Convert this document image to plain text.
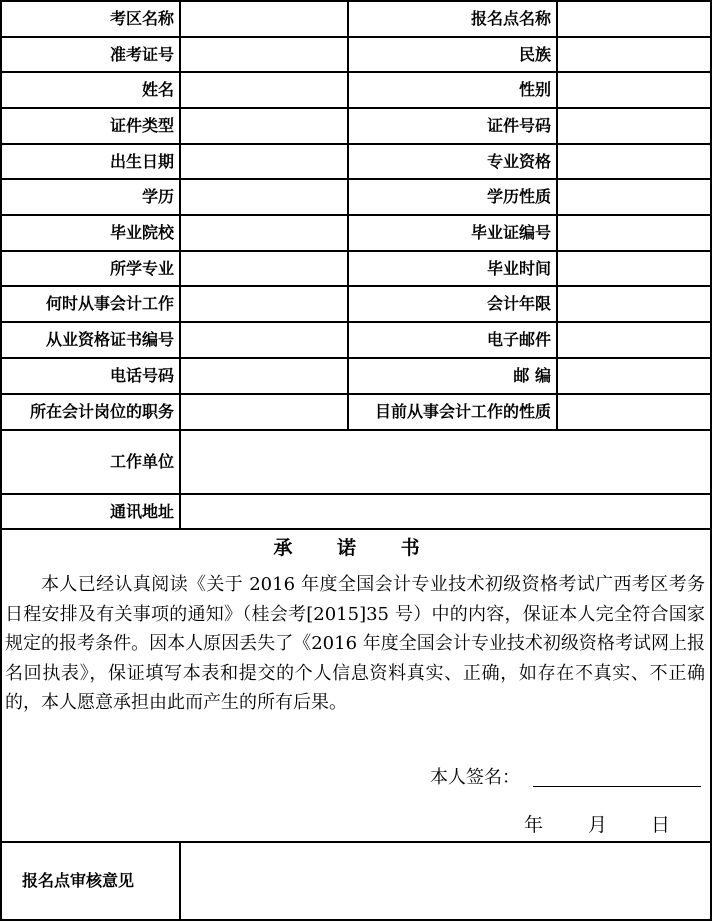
考区名称	报名点名称
准考证号	民族
姓名	性别
证件类型	证件号码
出生日期	专业资格
学历	学历性质
毕业院校	毕业证编号
所学专业	毕业时间
何时从事会计工作	会计年限
从业资格证书编号	电子邮件
电话号码	邮 编
所在会计岗位的职务	目前从事会计工作的性质
工作单位
通讯地址
承 诺 书
本人已经认真阅读《关于 2016 年度全国会计专业技术初级资格考试广西考区考务日程安排及有关事项的通知》（桂会考[2015]35 号）中的内容，保证本人完全符合国家规定的报考条件。因本人原因丢失了《2016 年度全国会计专业技术初级资格考试网上报名回执表》，保证填写本表和提交的个人信息资料真实、正确，如存在不真实、不正确的，本人愿意承担由此而产生的所有后果。
本人签名：
年 月 日
报名点审核意见
